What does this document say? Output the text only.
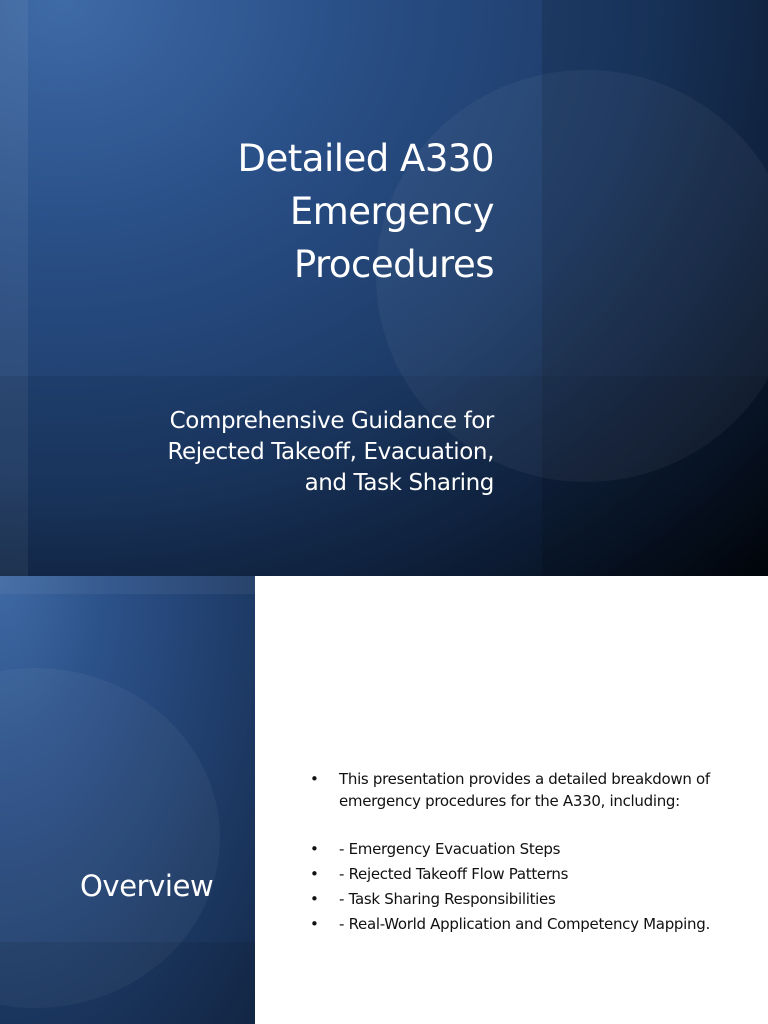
Detailed A330
Emergency
Procedures
Comprehensive Guidance for
Rejected Takeoff, Evacuation,
and Task Sharing
Overview
• This presentation provides a detailed breakdown of emergency procedures for the A330, including:
• - Emergency Evacuation Steps
• - Rejected Takeoff Flow Patterns
• - Task Sharing Responsibilities
• - Real-World Application and Competency Mapping.
